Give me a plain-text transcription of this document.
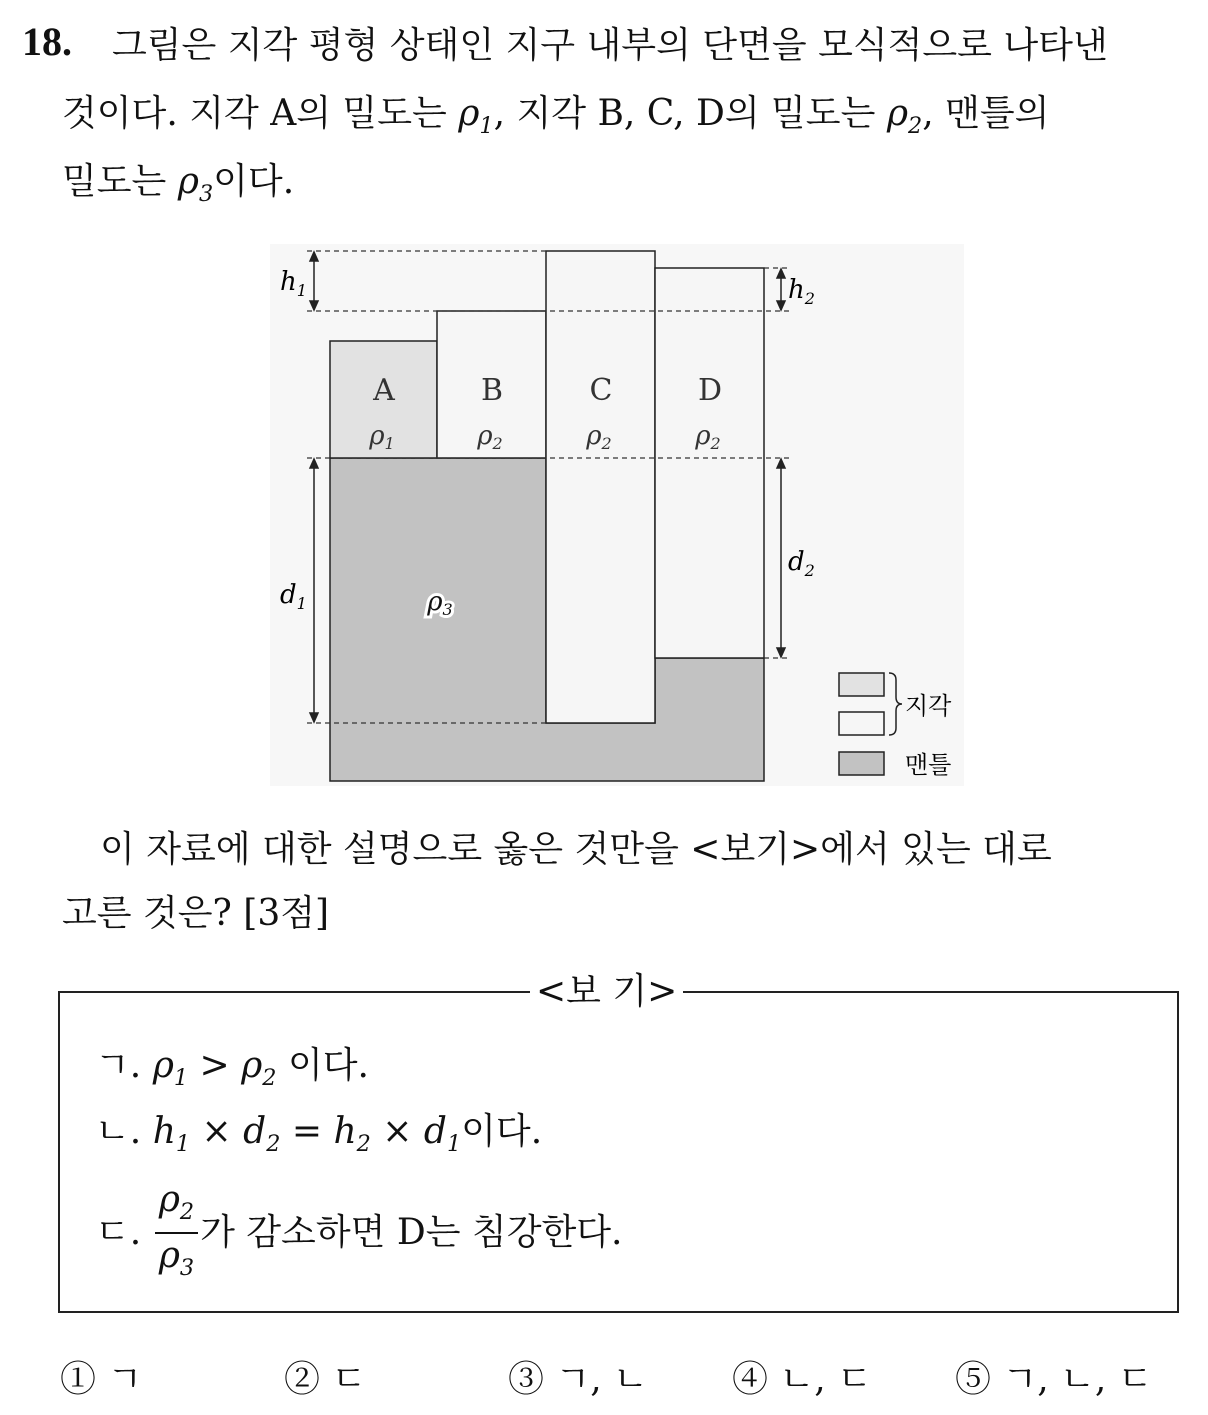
18. 그림은 지각 평형 상태인 지구 내부의 단면을 모식적으로 나타낸
것이다. 지각 A의 밀도는 $\rho_1$, 지각 B, C, D의 밀도는 $\rho_2$, 맨틀의
밀도는 $\rho_3$이다.
$h_1$	$h_2$
$d_1$
$d_2$
A	B	C	D
ρ1	ρ2	ρ2	ρ2
ρ3
지각
맨틀
이 자료에 대한 설명으로 옳은 것만을 <보기>에서 있는 대로
고른 것은? [3점]
<보 기>
ㄱ. $\rho_1 > \rho_2$ 이다.
ㄴ. $h_1 \times d_2 = h_2 \times d_1$이다.
ㄷ. $\frac{\rho_2}{\rho_3}$ 가 감소하면 D는 침강한다.
① ㄱ	② ㄷ	③ ㄱ, ㄴ ④ ㄴ, ㄷ ⑤ ㄱ, ㄴ, ㄷ
